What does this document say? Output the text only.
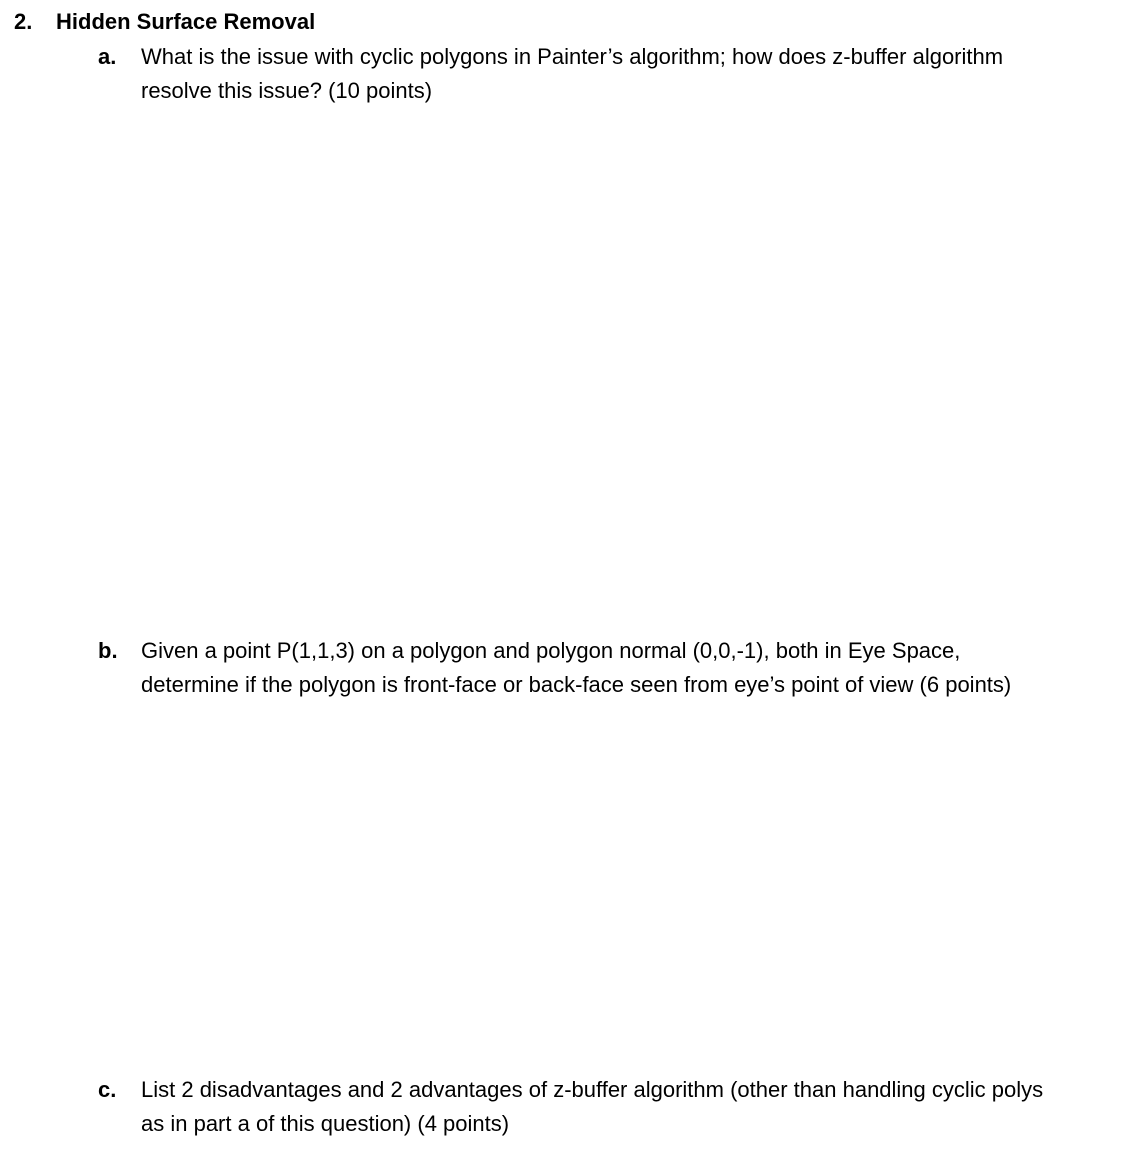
2. Hidden Surface Removal
a.	What is the issue with cyclic polygons in Painter’s algorithm; how does z-buffer algorithm
resolve this issue? (10 points)
b.	Given a point P(1,1,3) on a polygon and polygon normal (0,0,-1), both in Eye Space,
determine if the polygon is front-face or back-face seen from eye’s point of view (6 points)
c.	List 2 disadvantages and 2 advantages of z-buffer algorithm (other than handling cyclic polys
as in part a of this question) (4 points)
